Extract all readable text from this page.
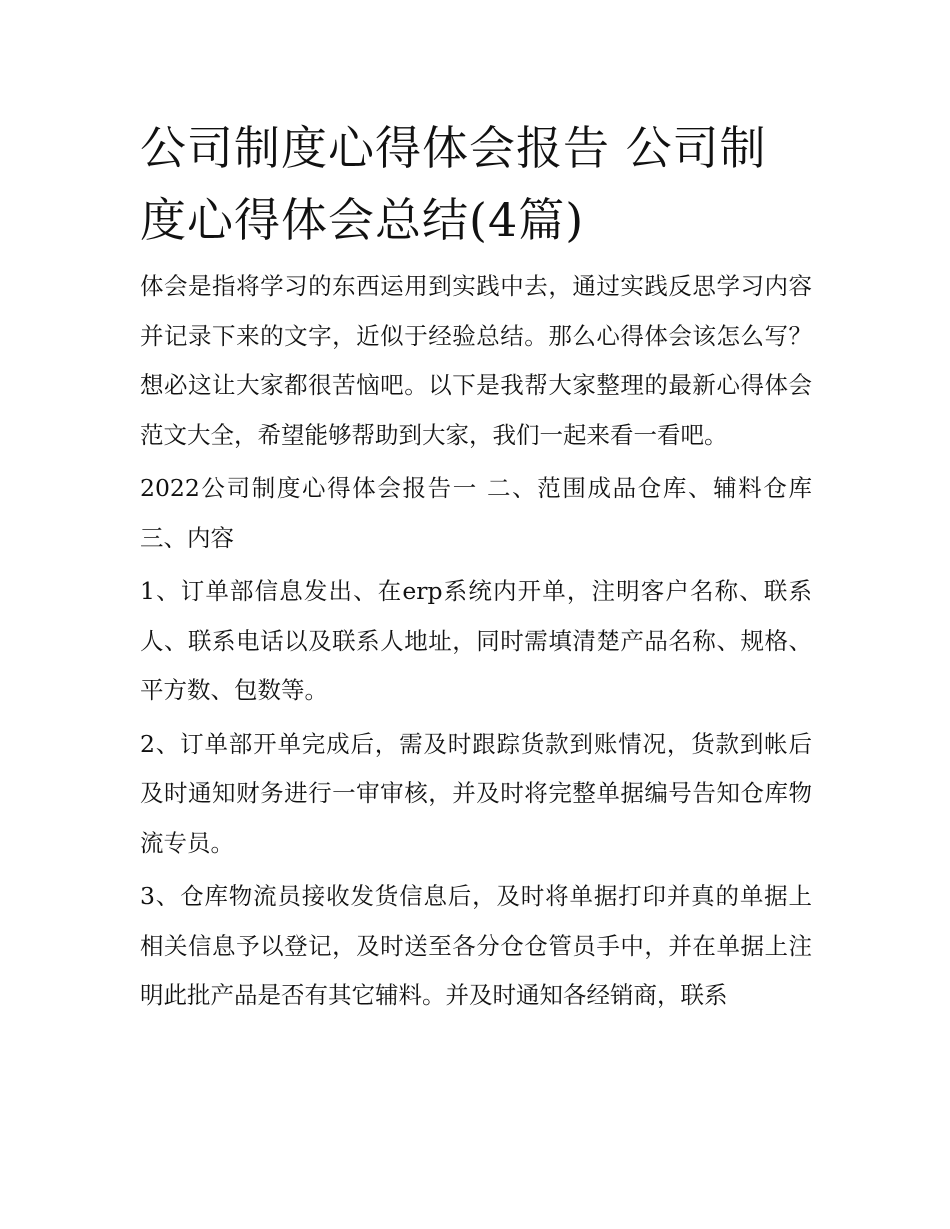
公司制度心得体会报告 公司制度心得体会总结(4篇)

体会是指将学习的东西运用到实践中去，通过实践反思学习内容并记录下来的文字，近似于经验总结。那么心得体会该怎么写？想必这让大家都很苦恼吧。以下是我帮大家整理的最新心得体会范文大全，希望能够帮助到大家，我们一起来看一看吧。

2022公司制度心得体会报告一 二、范围成品仓库、辅料仓库三、内容

1、订单部信息发出、在erp系统内开单，注明客户名称、联系人、联系电话以及联系人地址，同时需填清楚产品名称、规格、平方数、包数等。

2、订单部开单完成后，需及时跟踪货款到账情况，货款到帐后及时通知财务进行一审审核，并及时将完整单据编号告知仓库物流专员。

3、仓库物流员接收发货信息后，及时将单据打印并真的单据上相关信息予以登记，及时送至各分仓仓管员手中，并在单据上注明此批产品是否有其它辅料。并及时通知各经销商，联系
